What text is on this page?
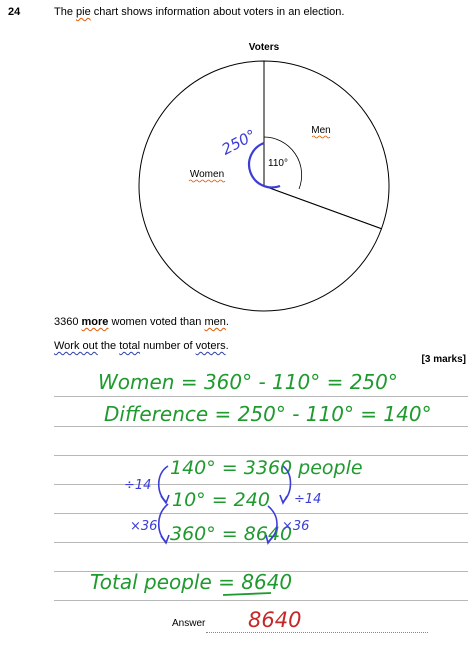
24	The pie chart shows information about voters in an election.
Voters
110°
Men
Women
250°
3360 more women voted than men.
Work out the total number of voters.
[3 marks]
Women = 360° - 110° = 250°
Difference = 250° - 110° = 140°
140° = 3360 people
10° = 240
360° = 8640
÷14
÷14
×36	×36
Total people = 8640
Answer 8640
